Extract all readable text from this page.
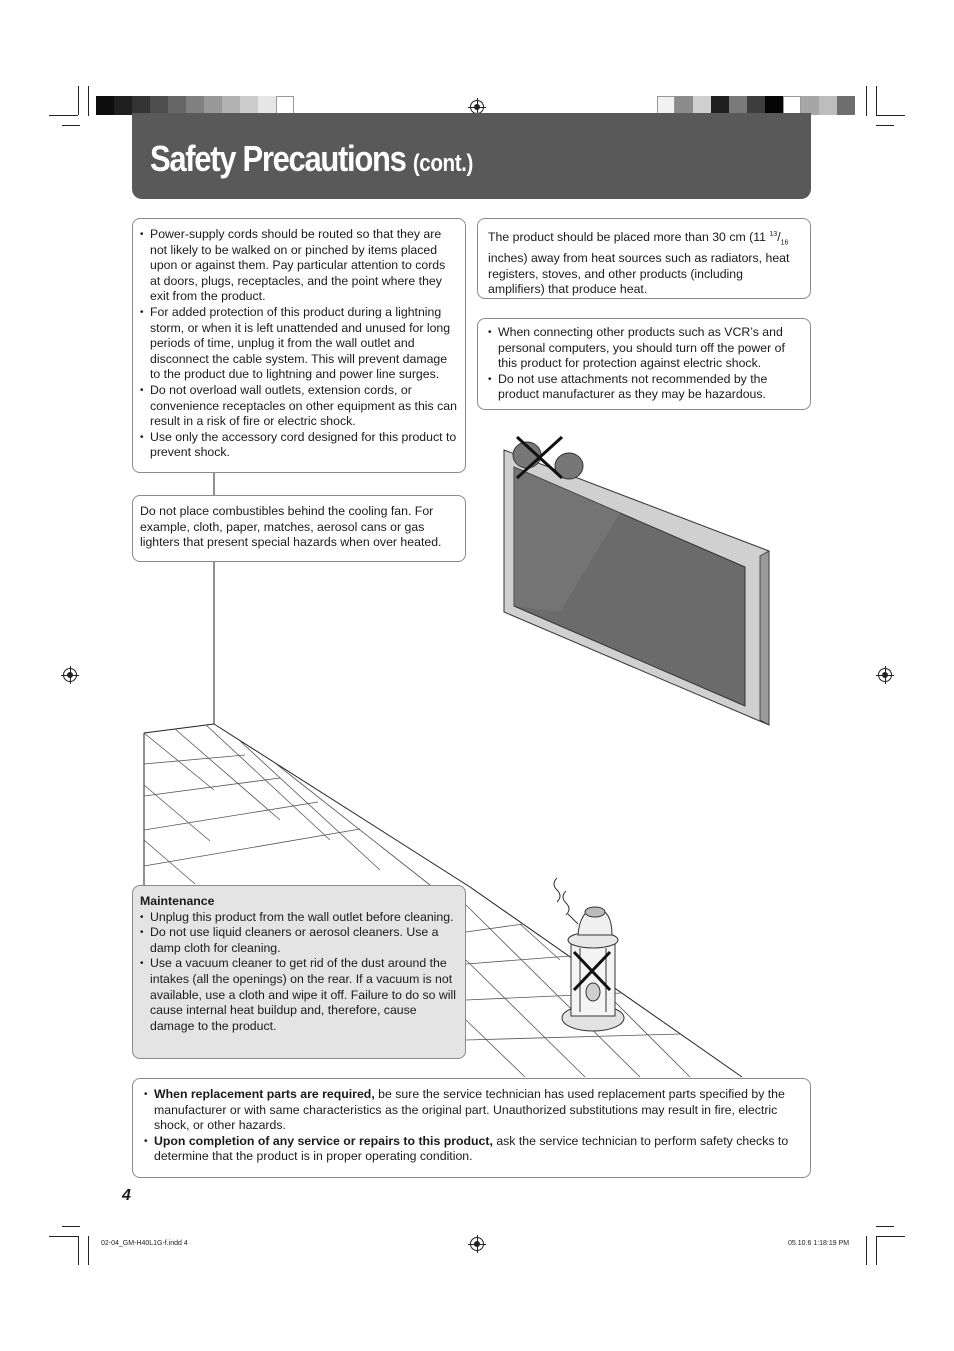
Safety Precautions (cont.)
• Power-supply cords should be routed so that they are not likely to be walked on or pinched by items placed upon or against them. Pay particular attention to cords at doors, plugs, receptacles, and the point where they exit from the product.
• For added protection of this product during a lightning storm, or when it is left unattended and unused for long periods of time, unplug it from the wall outlet and disconnect the cable system. This will prevent damage to the product due to lightning and power line surges.
• Do not overload wall outlets, extension cords, or convenience receptacles on other equipment as this can result in a risk of fire or electric shock.
• Use only the accessory cord designed for this product to prevent shock.

Do not place combustibles behind the cooling fan. For example, cloth, paper, matches, aerosol cans or gas lighters that present special hazards when over heated.

The product should be placed more than 30 cm (11 $^{13}/_{16}$ inches) away from heat sources such as radiators, heat registers, stoves, and other products (including amplifiers) that produce heat.

• When connecting other products such as VCR’s and personal computers, you should turn off the power of this product for protection against electric shock.
• Do not use attachments not recommended by the product manufacturer as they may be hazardous.

Maintenance

• Unplug this product from the wall outlet before cleaning.
• Do not use liquid cleaners or aerosol cleaners. Use a damp cloth for cleaning.
• Use a vacuum cleaner to get rid of the dust around the intakes (all the openings) on the rear. If a vacuum is not available, use a cloth and wipe it off. Failure to do so will cause internal heat buildup and, therefore, cause damage to the product.
• When replacement parts are required, be sure the service technician has used replacement parts specified by the manufacturer or with same characteristics as the original part. Unauthorized substitutions may result in fire, electric shock, or other hazards.
• Upon completion of any service or repairs to this product, ask the service technician to perform safety checks to determine that the product is in proper operating condition.
4
02-04_GM-H40L1G-f.indd 4	05.10.6 1:18:19 PM
